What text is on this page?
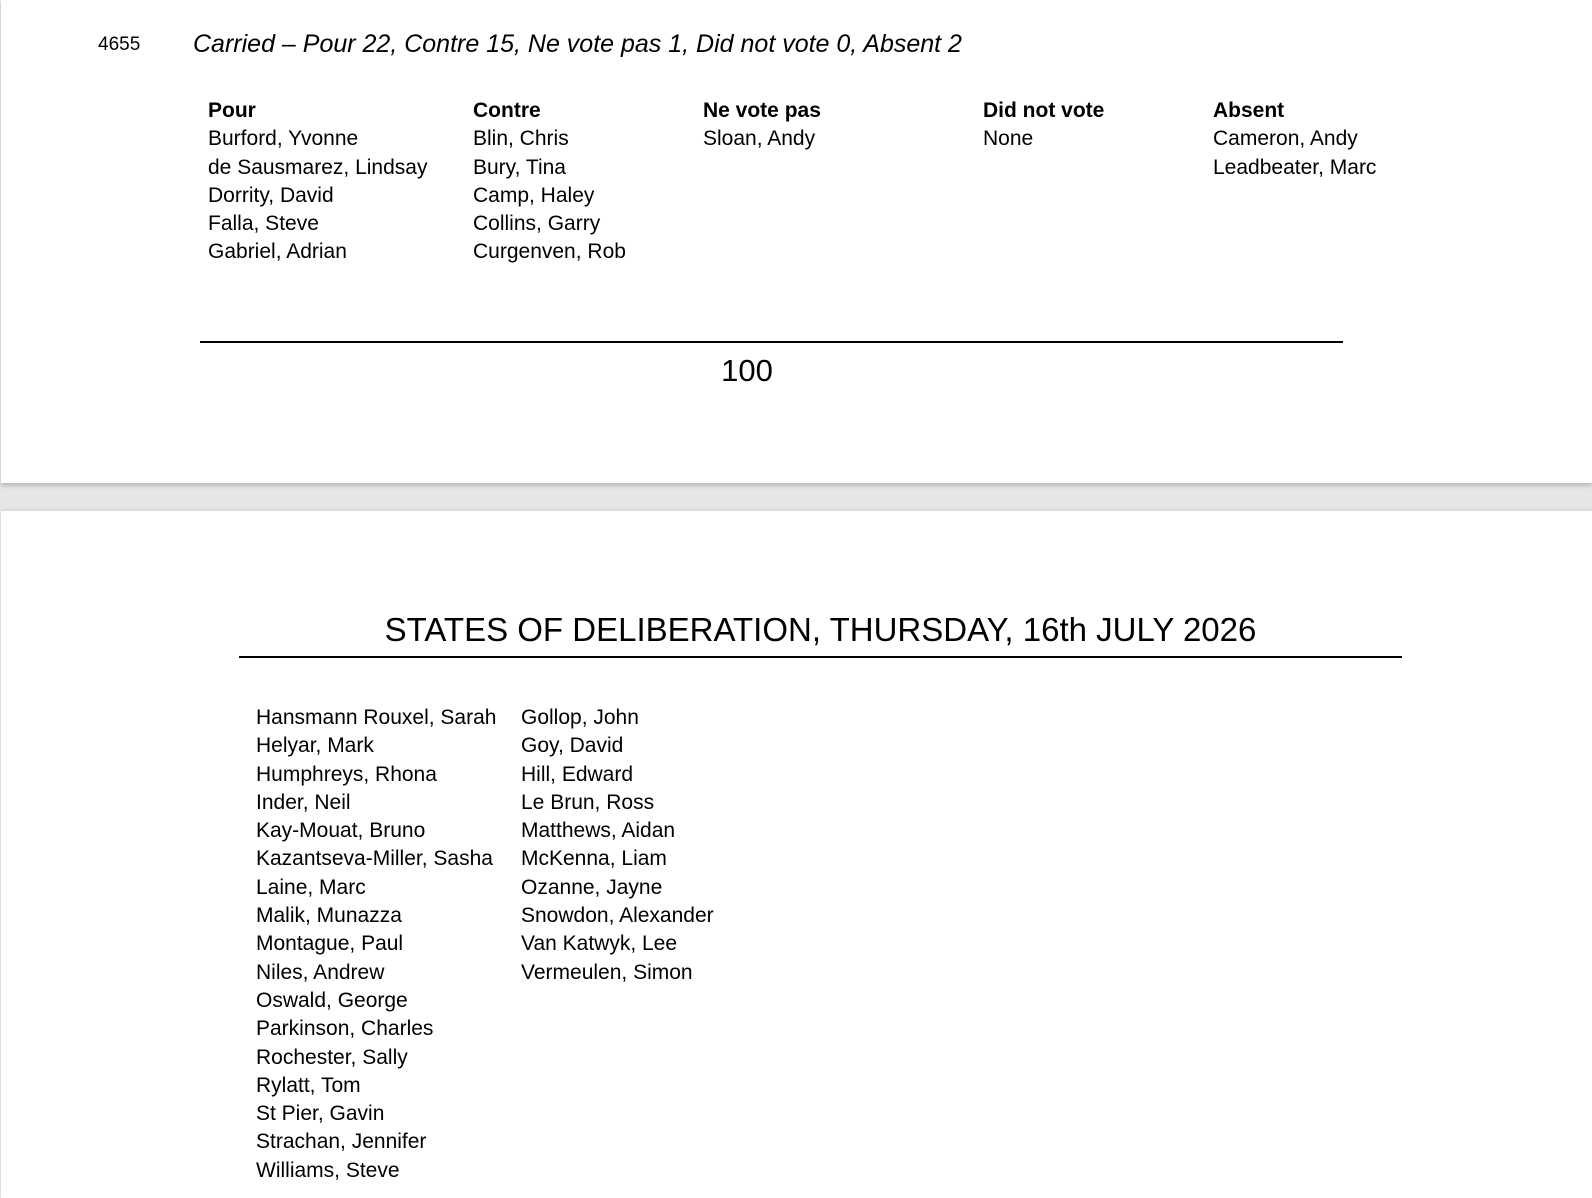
4655 Carried – Pour 22, Contre 15, Ne vote pas 1, Did not vote 0, Absent 2
Pour
Burford, Yvonne
de Sausmarez, Lindsay
Dorrity, David
Falla, Steve
Gabriel, Adrian
Contre
Blin, Chris
Bury, Tina
Camp, Haley
Collins, Garry
Curgenven, Rob
Ne vote pas
Sloan, Andy
Did not vote
None
Absent
Cameron, Andy
Leadbeater, Marc
100
STATES OF DELIBERATION, THURSDAY, 16th JULY 2026
Hansmann Rouxel, Sarah
Helyar, Mark
Humphreys, Rhona
Inder, Neil
Kay-Mouat, Bruno
Kazantseva-Miller, Sasha
Laine, Marc
Malik, Munazza
Montague, Paul
Niles, Andrew
Oswald, George
Parkinson, Charles
Rochester, Sally
Rylatt, Tom
St Pier, Gavin
Strachan, Jennifer
Williams, Steve
Gollop, John
Goy, David
Hill, Edward
Le Brun, Ross
Matthews, Aidan
McKenna, Liam
Ozanne, Jayne
Snowdon, Alexander
Van Katwyk, Lee
Vermeulen, Simon
